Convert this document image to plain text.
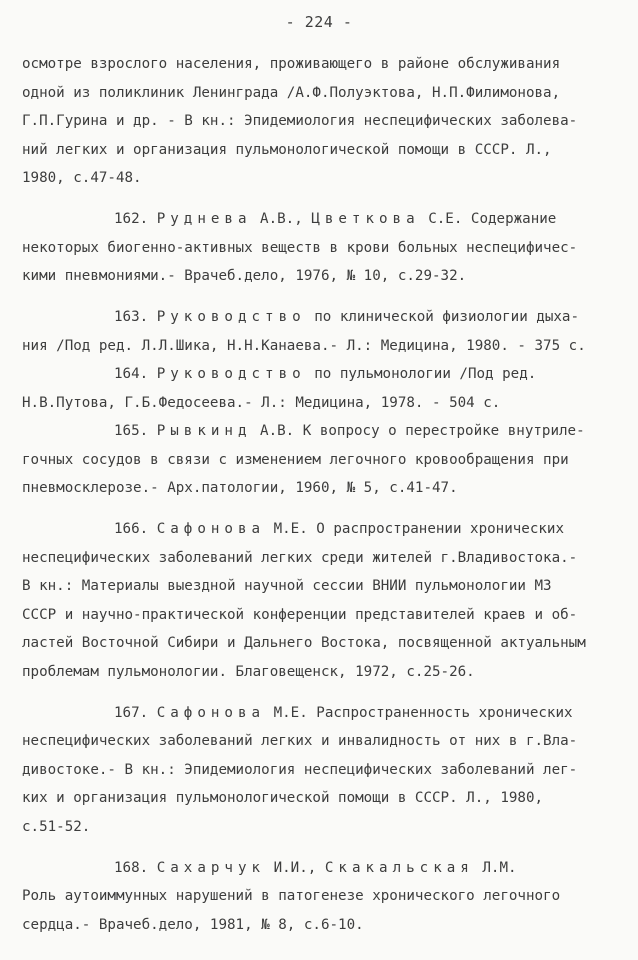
- 224 -
осмотре взрослого населения, проживающего в районе обслуживания
одной из поликлиник Ленинграда /А.Ф.Полуэктова, Н.П.Филимонова,
Г.П.Гурина и др. - В кн.: Эпидемиология неспецифических заболева-
ний легких и организация пульмонологической помощи в СССР. Л.,
1980, с.47-48.
162. Руднева А.В., Цветкова С.Е. Содержание
некоторых биогенно-активных веществ в крови больных неспецифичес-
кими пневмониями.- Врачеб.дело, 1976, № 10, с.29-32.
163. Руководство по клинической физиологии дыха-
ния /Под ред. Л.Л.Шика, Н.Н.Канаева.- Л.: Медицина, 1980. - 375 с.
164. Руководство по пульмонологии /Под ред.
Н.В.Путова, Г.Б.Федосеева.- Л.: Медицина, 1978. - 504 с.
165. Рывкинд А.В. К вопросу о перестройке внутрилe-
гочных сосудов в связи с изменением легочного кровообращения при
пневмосклерозе.- Арх.патологии, 1960, № 5, с.41-47.
166. Сафонова М.Е. О распространении хронических
неспецифических заболеваний легких среди жителей г.Владивостока.-
В кн.: Материалы выездной научной сессии ВНИИ пульмонологии МЗ
СССР и научно-практической конференции представителей краев и об-
ластей Восточной Сибири и Дальнего Востока, посвященной актуальным
проблемам пульмонологии. Благовещенск, 1972, с.25-26.
167. Сафонова М.Е. Распространенность хронических
неспецифических заболеваний легких и инвалидность от них в г.Вла-
дивостоке.- В кн.: Эпидемиология неспецифических заболеваний лег-
ких и организация пульмонологической помощи в СССР. Л., 1980,
с.51-52.
168. Сахарчук И.И., Скакальская Л.М.
Роль аутоиммунных нарушений в патогенезе хронического легочного
сердца.- Врачеб.дело, 1981, № 8, с.6-10.
